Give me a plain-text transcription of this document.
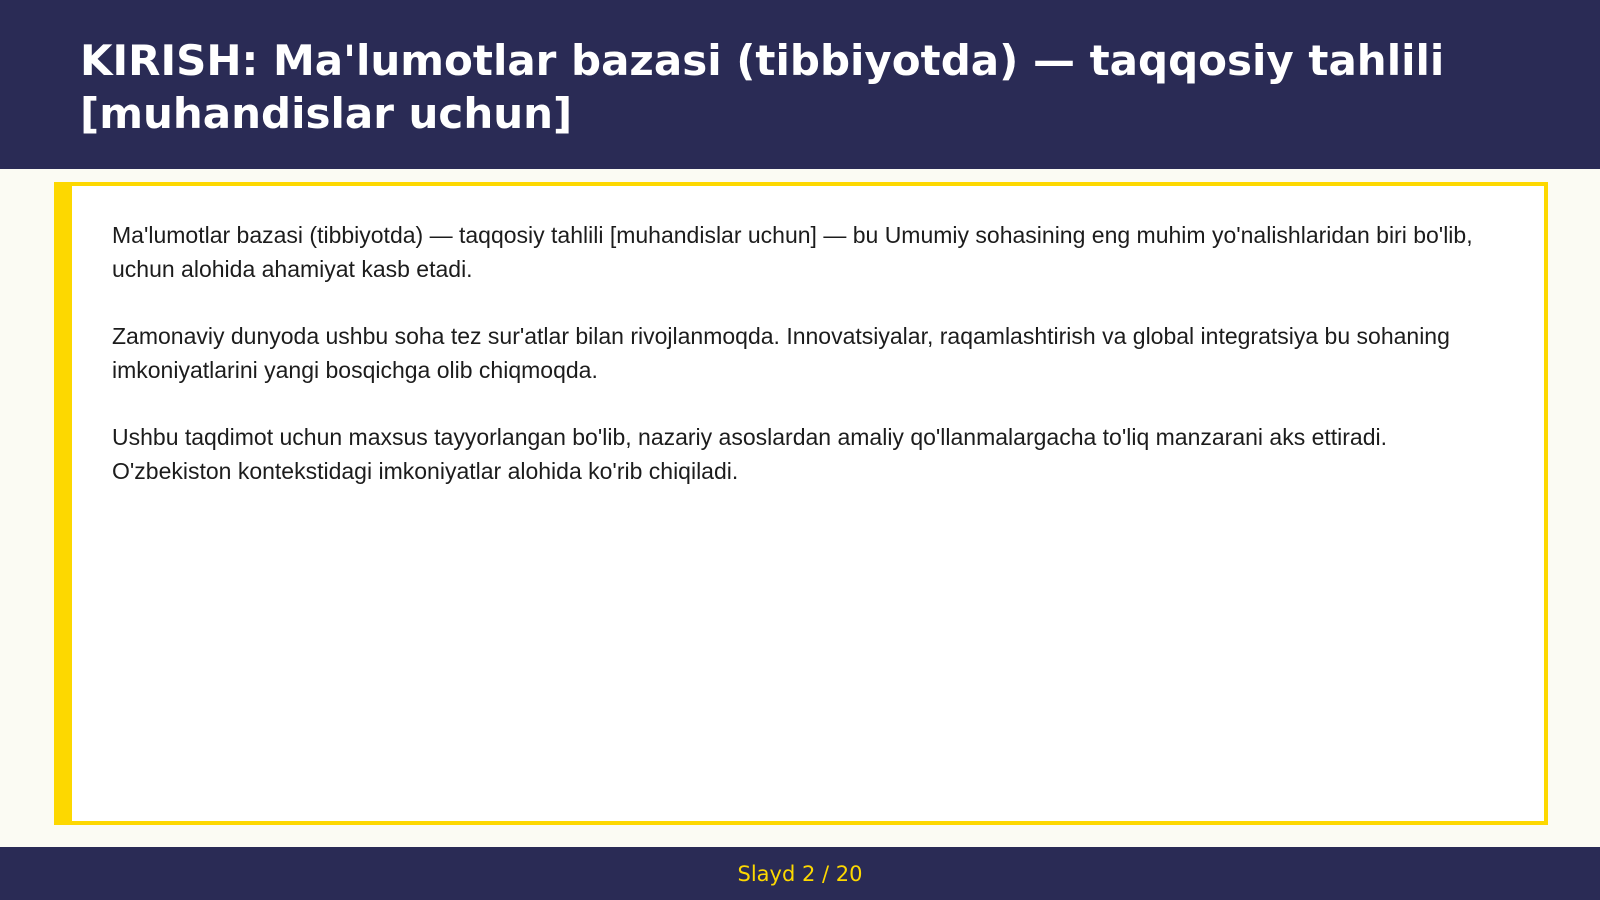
KIRISH: Ma'lumotlar bazasi (tibbiyotda) — taqqosiy tahlili [muhandislar uchun]

Ma'lumotlar bazasi (tibbiyotda) — taqqosiy tahlili [muhandislar uchun] — bu Umumiy sohasining eng muhim yo'nalishlaridan biri bo'lib, uchun alohida ahamiyat kasb etadi.

Zamonaviy dunyoda ushbu soha tez sur'atlar bilan rivojlanmoqda. Innovatsiyalar, raqamlashtirish va global integratsiya bu sohaning imkoniyatlarini yangi bosqichga olib chiqmoqda.

Ushbu taqdimot uchun maxsus tayyorlangan bo'lib, nazariy asoslardan amaliy qo'llanmalargacha to'liq manzarani aks ettiradi. O'zbekiston kontekstidagi imkoniyatlar alohida ko'rib chiqiladi.

Slayd 2 / 20
